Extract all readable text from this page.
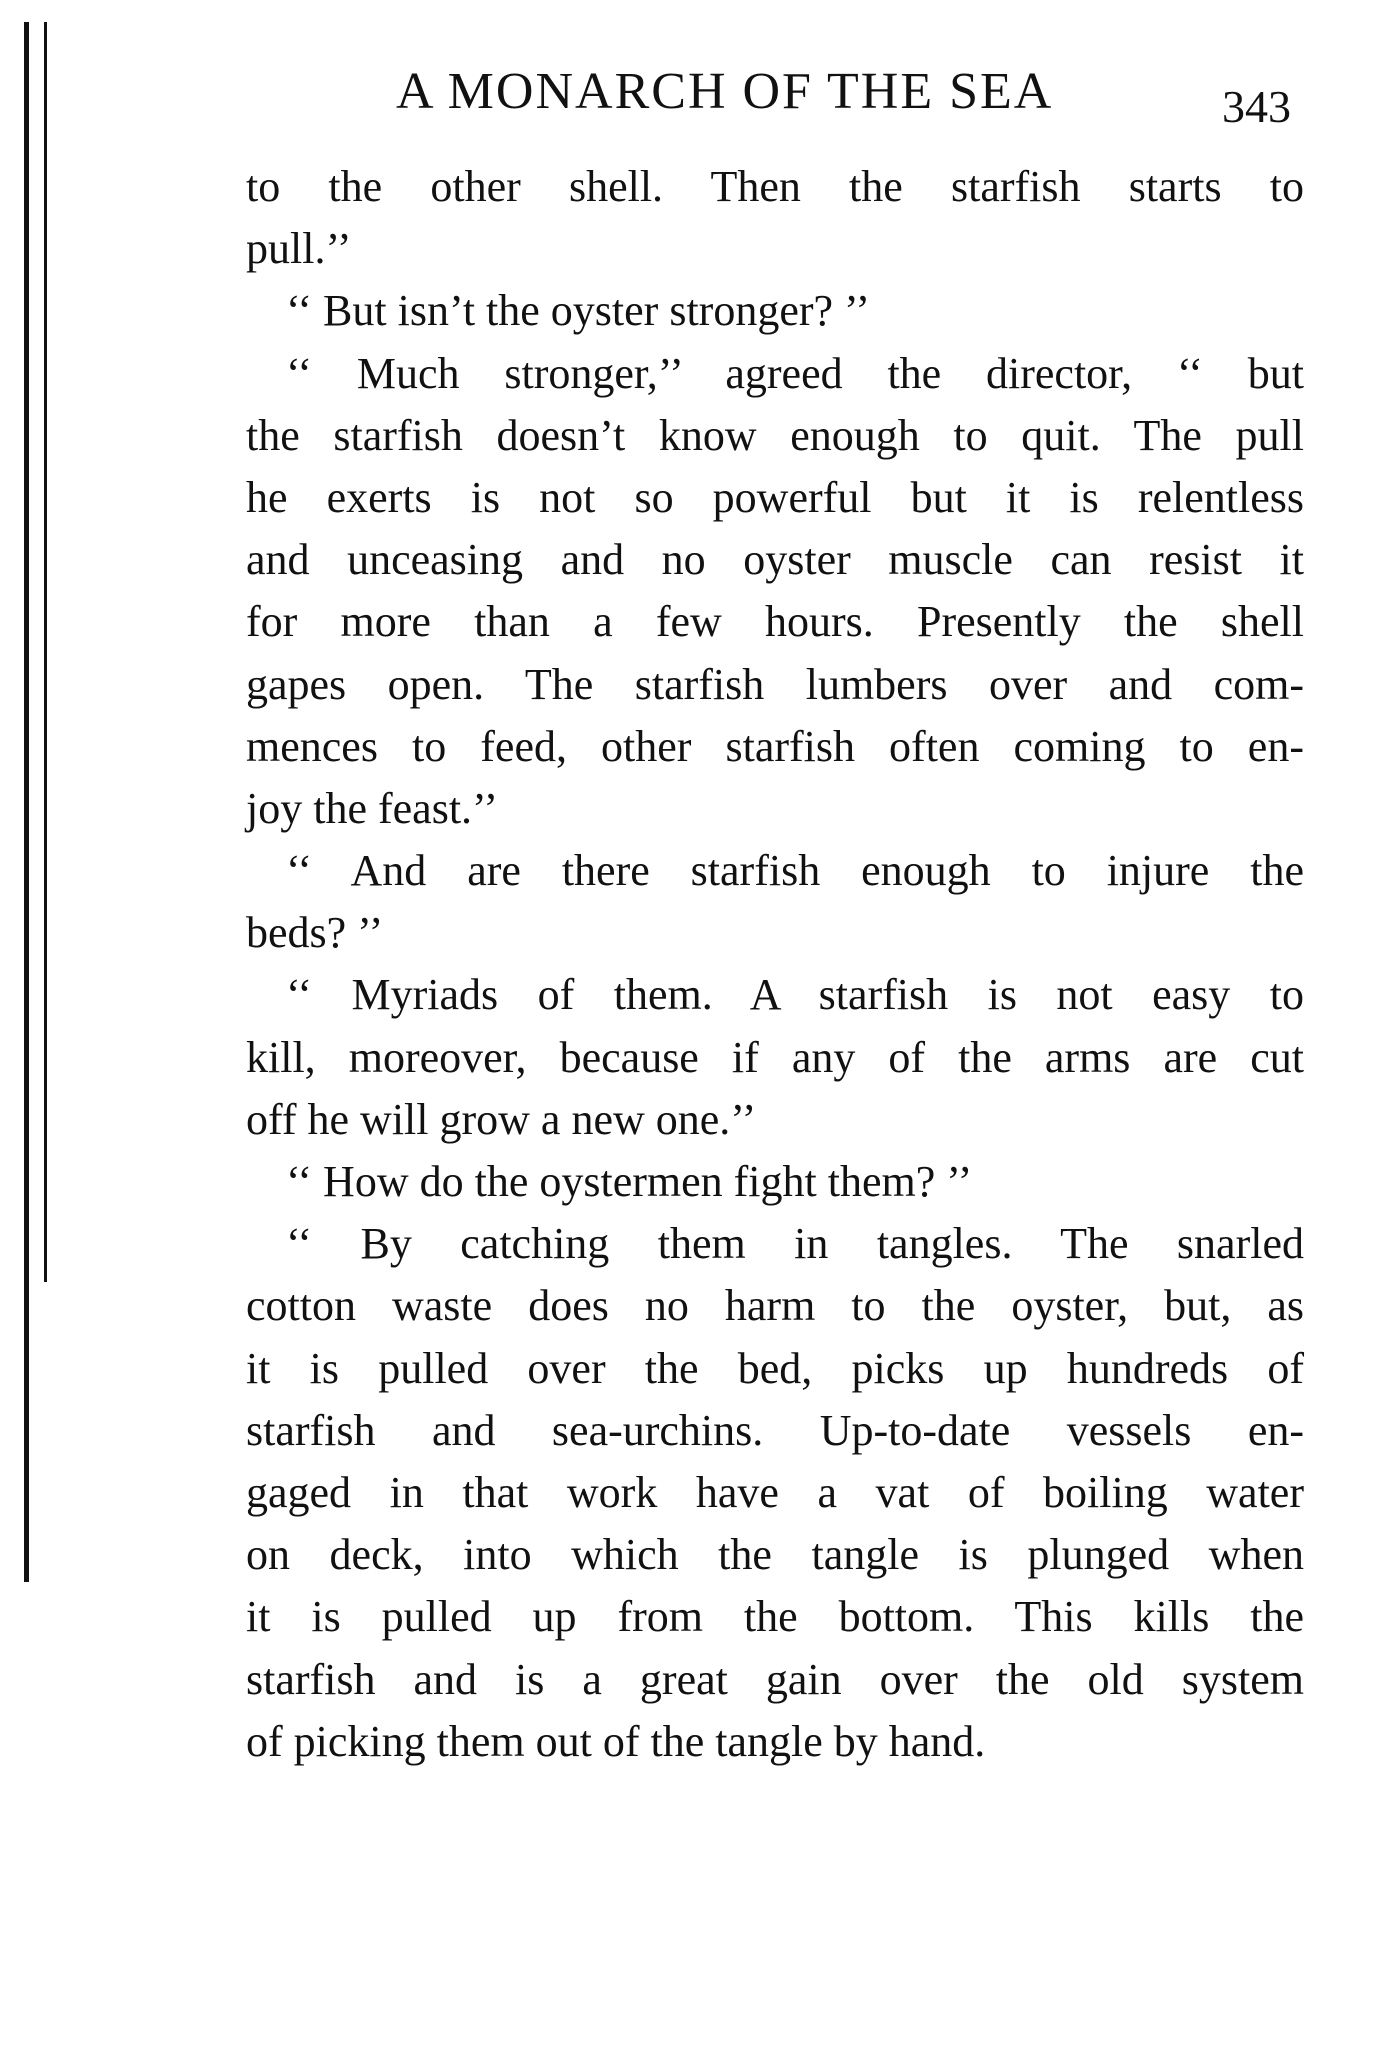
A MONARCH OF THE SEA	343
to the other shell. Then the starfish starts to
pull.’’
‘‘ But isn’t the oyster stronger? ’’
‘‘ Much stronger,’’ agreed the director, ‘‘ but
the starfish doesn’t know enough to quit. The pull
he exerts is not so powerful but it is relentless
and unceasing and no oyster muscle can resist it
for more than a few hours. Presently the shell
gapes open. The starfish lumbers over and com-
mences to feed, other starfish often coming to en-
joy the feast.’’
‘‘ And are there starfish enough to injure the
beds? ’’
‘‘ Myriads of them. A starfish is not easy to
kill, moreover, because if any of the arms are cut
off he will grow a new one.’’
‘‘ How do the oystermen fight them? ’’
‘‘ By catching them in tangles. The snarled
cotton waste does no harm to the oyster, but, as
it is pulled over the bed, picks up hundreds of
starfish and sea-urchins. Up-to-date vessels en-
gaged in that work have a vat of boiling water
on deck, into which the tangle is plunged when
it is pulled up from the bottom. This kills the
starfish and is a great gain over the old system
of picking them out of the tangle by hand.
